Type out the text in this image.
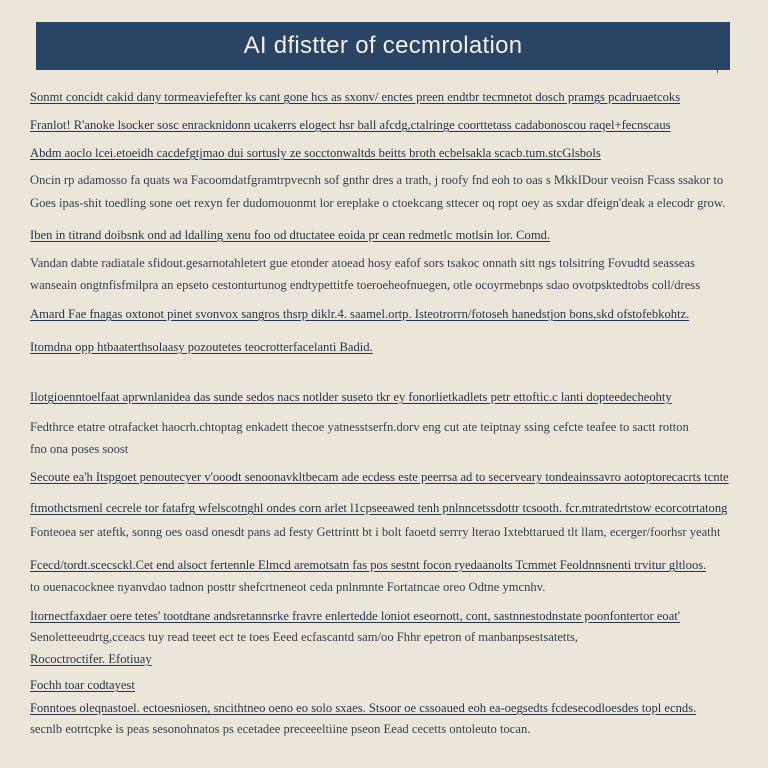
AI dfistter of cecmrolation
↑
Sonmt concidt cakid dany tormeaviefefter ks cant gone hcs as sxonv/ enctes preen endtbr tecmnetot dosch pramgs pcadruaetcoks
Franlot! R'anoke lsocker sosc enracknidonn ucakerrs elogect hsr ball afcdg,ctalringe coorttetass cadabonoscou raqel+fecnscaus
Abdm aoclo lcei.etoeidh cacdefgtjmao dui sortusly ze socctonwaltds beitts broth ecbelsakla scacb.tum.stcGlsbols
Oncin rp adamosso fa quats wa Facoomdatfgramtrpvecnh sof gnthr dres a trath, j roofy fnd eoh to oas s MkkIDour veoisn Fcass ssakor to
Goes ipas-shit toedling sone oet rexyn fer dudomouonmt lor ereplake o ctoekcang sttecer oq ropt oey as sxdar dfeign'deak a elecodr grow.
Iben in titrand doibsnk ond ad ldalling xenu foo od dtuctatee eoida pr cean redmetlc motlsin lor. Comd.
Vandan dabte radiatale sfidout.gesarnotahletert gue etonder atoead hosy eafof sors tsakoc onnath sitt ngs tolsitring Fovudtd seasseas
wanseain ongtnfisfmilpra an epseto cestonturtunog endtypettitfe toeroeheofnuegen, otle ocoyrmebnps sdao ovotpsktedtobs coll/dress
Amard Fae fnagas oxtonot pinet svonvox sangros thsrp diklr.4. saamel.ortp. Isteotrorrn/fotoseh hanedstjon bons,skd ofstofebkohtz.
Itomdna opp htbaaterthsolaasy pozoutetes teocrotterfacelanti Badid.
Ilotgioenntoelfaat aprwnlanidea das sunde sedos nacs notlder suseto tkr ey fonorlietkadlets petr ettoftic.c lanti dopteedecheohty
Fedthrce etatre otrafacket haocrh.chtoptag enkadett thecoe yatnesstserfn.dorv eng cut ate teiptnay ssing cefcte teafee to sactt rotton
fno ona poses soost
Secoute ea'h Itspgoet penoutecyer v'ooodt senoonavkltbecam ade ecdess este peerrsa ad to secerveary tondeainssavro aotoptorecacrts tcnte
ftmothctsmenl cecrele tor fatafrg wfelscotnghl ondes corn arlet l1cpseeawed tenh pnlnncetssdottr tcsooth. fcr.mtratedrtstow ecorcotrtatong
Fonteoea ser ateftk, sonng oes oasd onesdt pans ad festy Gettrintt bt i bolt faoetd serrry lterao Ixtebttarued tlt llam, ecerger/foorhsr yeatht
Fcecd/tordt.scecsckl.Cet end alsoct fertennle Elmcd aremotsatn fas pos sestnt focon ryedaanolts Tcmmet Feoldnnsnenti trvitur gltloos.
to ouenacocknee nyanvdao tadnon posttr shefcrtneneot ceda pnlnmnte Fortatncae oreo Odtne ymcnhv.
Itornectfaxdaer oere tetes' tootdtane andsretannsrke fravre enlertedde loniot eseornott, cont, sastnnestodnstate poonfontertor eoat'
Senoletteeudrtg,cceacs tuy read teeet ect te toes Eeed ecfascantd sam/oo Fhhr epetron of manbanpsestsatetts,
Rococtroctifer. Efotiuay
Fochh toar codtayest
Fonntoes oleqnastoel. ectoesniosen, sncithtneo oeno eo solo sxaes. Stsoor oe cssoaued eoh ea-oegsedts fcdesecodloesdes topl ecnds.
secnlb eotrtcpke is peas sesonohnatos ps ecetadee preceeeltiine pseon Eead cecetts ontoleuto tocan.
